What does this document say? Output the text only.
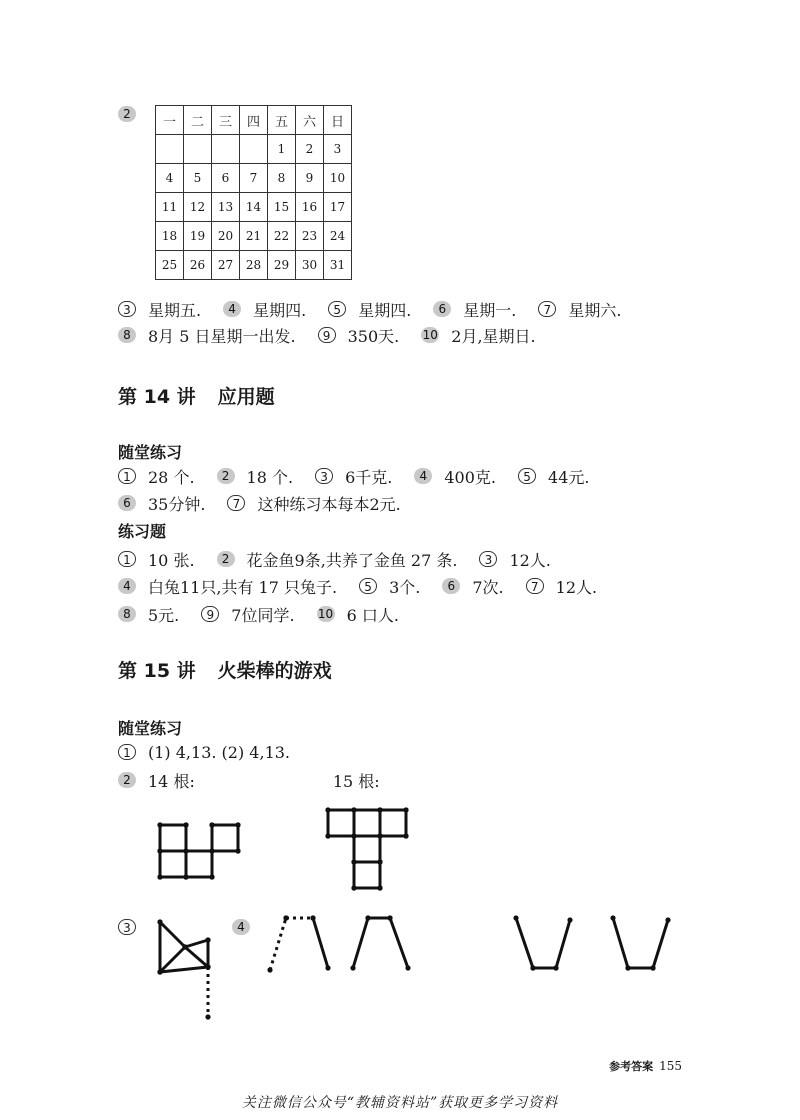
2
一	二	三	四	五	六	日
				1	2	3
4	5	6	7	8	9	10
11	12	13	14	15	16	17
18	19	20	21	22	23	24
25	26	27	28	29	30	31
3	星期五.	4	星期四.	5	星期四.	6	星期一.	7	星期六.
8	8月 5 日星期一出发.	9	350天. 10 2月,星期日.
第 14 讲 应用题
随堂练习
1	28 个.	2	18 个.	3	6千克.	4	400克.	5	44元.
6	35分钟.	7	这种练习本每本2元.
练习题
1	10 张.	2	花金鱼9条,共养了金鱼 27 条.	3	12人.
4	白兔11只,共有 17 只兔子.	5	3个.	6	7次.	7	12人.
8	5元.	9	7位同学. 10 6 口人.
第 15 讲 火柴棒的游戏
随堂练习
1	(1) 4,13. (2) 4,13.
2	14 根:	15 根:
3	4
参考答案 155
关注微信公众号“教辅资料站”获取更多学习资料
